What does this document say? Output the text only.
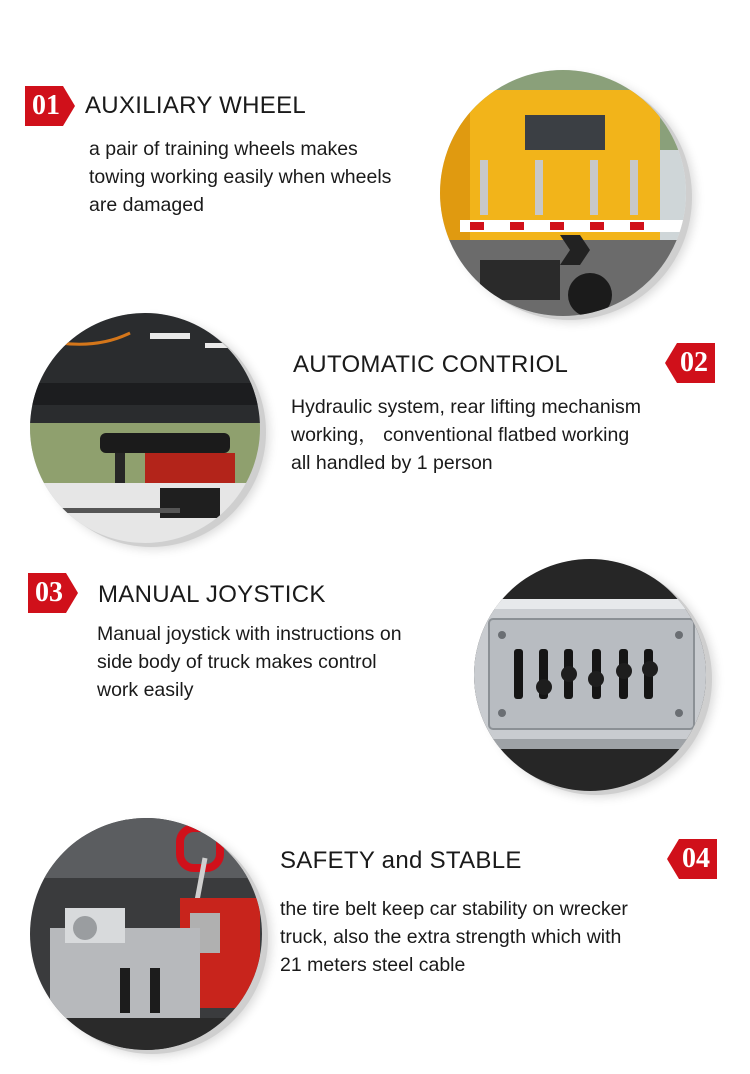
01 AUXILIARY WHEEL
a pair of training wheels makes
towing working easily when wheels
are damaged
02
AUTOMATIC CONTRIOL
Hydraulic system, rear lifting mechanism
working， conventional flatbed working
all handled by 1 person
03 MANUAL JOYSTICK
Manual joystick with instructions on
side body of truck makes control
work easily
04
SAFETY and STABLE
the tire belt keep car stability on wrecker
truck, also the extra strength which with
21 meters steel cable
